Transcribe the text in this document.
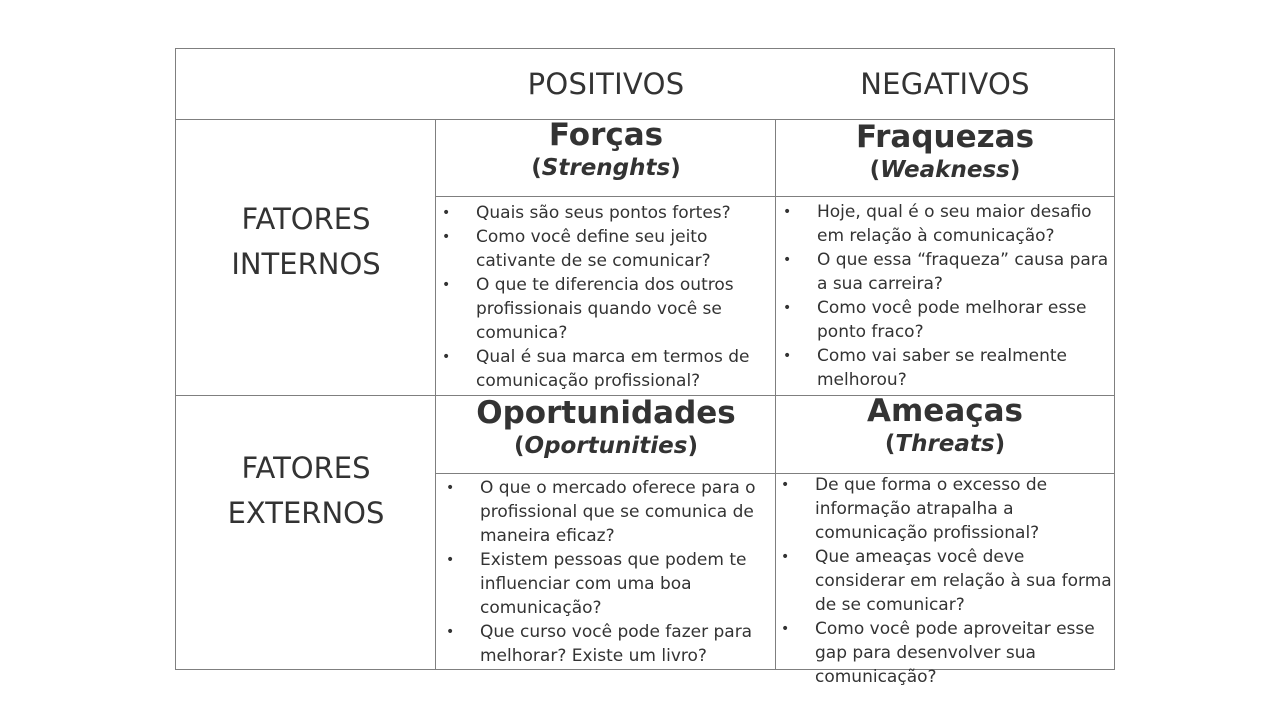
POSITIVOS	NEGATIVOS
FATORES
INTERNOS
FATORES
EXTERNOS
Forças
(Strenghts)
• Quais são seus pontos fortes?
• Como você define seu jeito cativante de se comunicar?
• O que te diferencia dos outros profissionais quando você se comunica?
• Qual é sua marca em termos de comunicação profissional?
Fraquezas
(Weakness)
• Hoje, qual é o seu maior desafio em relação à comunicação?
• O que essa “fraqueza” causa para a sua carreira?
• Como você pode melhorar esse ponto fraco?
• Como vai saber se realmente melhorou?
Oportunidades
(Oportunities)
• O que o mercado oferece para o profissional que se comunica de maneira eficaz?
• Existem pessoas que podem te influenciar com uma boa comunicação?
• Que curso você pode fazer para melhorar? Existe um livro?
Ameaças
(Threats)
• De que forma o excesso de informação atrapalha a comunicação profissional?
• Que ameaças você deve considerar em relação à sua forma de se comunicar?
• Como você pode aproveitar esse gap para desenvolver sua comunicação?
